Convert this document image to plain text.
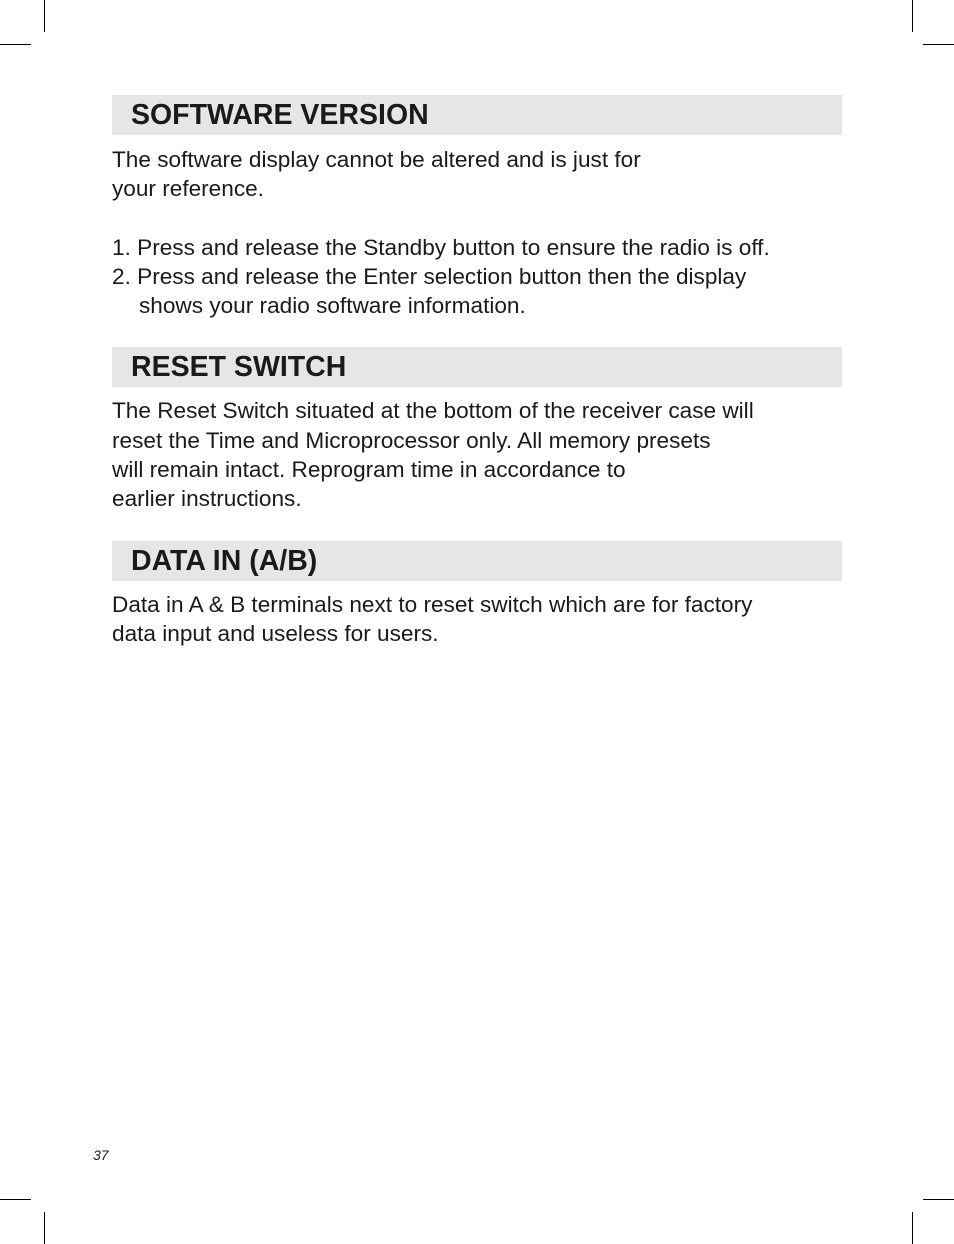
SOFTWARE VERSION
The software display cannot be altered and is just for
your reference.
1. Press and release the Standby button to ensure the radio is off.
2. Press and release the Enter selection button then the display
shows your radio software information.
RESET SWITCH
The Reset Switch situated at the bottom of the receiver case will
reset the Time and Microprocessor only. All memory presets
will remain intact. Reprogram time in accordance to
earlier instructions.
DATA IN (A/B)
Data in A & B terminals next to reset switch which are for factory
data input and useless for users.
37
